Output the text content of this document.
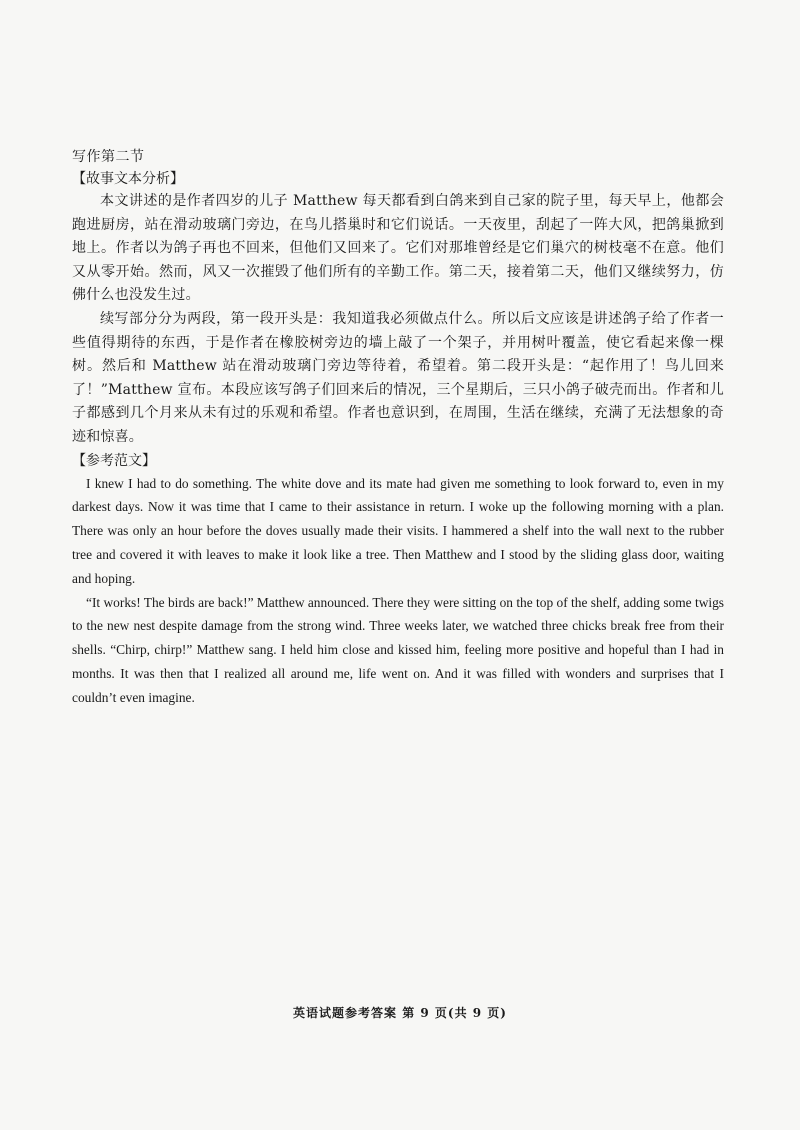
写作第二节

【故事文本分析】

本文讲述的是作者四岁的儿子 Matthew 每天都看到白鸽来到自己家的院子里，每天早上，他都会跑进厨房，站在滑动玻璃门旁边，在鸟儿搭巢时和它们说话。一天夜里，刮起了一阵大风，把鸽巢掀到地上。作者以为鸽子再也不回来，但他们又回来了。它们对那堆曾经是它们巢穴的树枝毫不在意。他们又从零开始。然而，风又一次摧毁了他们所有的辛勤工作。第二天，接着第二天，他们又继续努力，仿佛什么也没发生过。

续写部分分为两段，第一段开头是：我知道我必须做点什么。所以后文应该是讲述鸽子给了作者一些值得期待的东西，于是作者在橡胶树旁边的墙上敲了一个架子，并用树叶覆盖，使它看起来像一棵树。然后和 Matthew 站在滑动玻璃门旁边等待着，希望着。第二段开头是：“起作用了！鸟儿回来了！”Matthew 宣布。本段应该写鸽子们回来后的情况，三个星期后，三只小鸽子破壳而出。作者和儿子都感到几个月来从未有过的乐观和希望。作者也意识到，在周围，生活在继续，充满了无法想象的奇迹和惊喜。

【参考范文】

I knew I had to do something. The white dove and its mate had given me something to look forward to, even in my darkest days. Now it was time that I came to their assistance in return. I woke up the following morning with a plan. There was only an hour before the doves usually made their visits. I hammered a shelf into the wall next to the rubber tree and covered it with leaves to make it look like a tree. Then Matthew and I stood by the sliding glass door, waiting and hoping.

“It works! The birds are back!” Matthew announced. There they were sitting on the top of the shelf, adding some twigs to the new nest despite damage from the strong wind. Three weeks later, we watched three chicks break free from their shells. “Chirp, chirp!” Matthew sang. I held him close and kissed him, feeling more positive and hopeful than I had in months. It was then that I realized all around me, life went on. And it was filled with wonders and surprises that I couldn’t even imagine.

英语试题参考答案 第 9 页(共 9 页)
